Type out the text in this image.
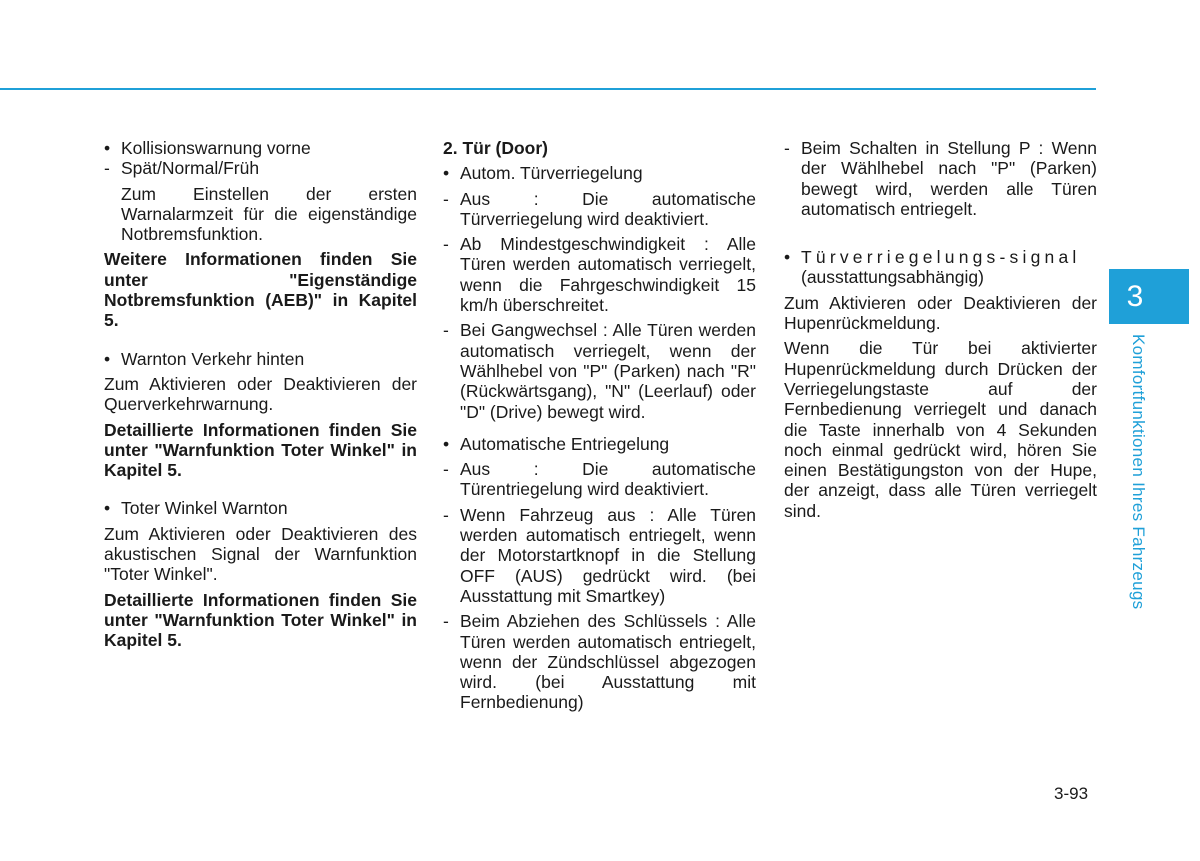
• Kollisionswarnung vorne
- Spät/Normal/Früh
Zum Einstellen der ersten Warnalarmzeit für die eigenständige Notbremsfunktion.
Weitere Informationen finden Sie unter "Eigenständige Notbremsfunktion (AEB)" in Kapitel 5.
• Warnton Verkehr hinten
Zum Aktivieren oder Deaktivieren der Querverkehrwarnung.
Detaillierte Informationen finden Sie unter "Warnfunktion Toter Winkel" in Kapitel 5.
• Toter Winkel Warnton
Zum Aktivieren oder Deaktivieren des akustischen Signal der Warnfunktion "Toter Winkel".
Detaillierte Informationen finden Sie unter "Warnfunktion Toter Winkel" in Kapitel 5.
2. Tür (Door)
• Autom. Türverriegelung
- Aus : Die automatische Türverriegelung wird deaktiviert.
- Ab Mindestgeschwindigkeit : Alle Türen werden automatisch verriegelt, wenn die Fahrgeschwindigkeit 15 km/h überschreitet.
- Bei Gangwechsel : Alle Türen werden automatisch verriegelt, wenn der Wählhebel von "P" (Parken) nach "R" (Rückwärtsgang), "N" (Leerlauf) oder "D" (Drive) bewegt wird.
• Automatische Entriegelung
- Aus : Die automatische Türentriegelung wird deaktiviert.
- Wenn Fahrzeug aus : Alle Türen werden automatisch entriegelt, wenn der Motorstartknopf in die Stellung OFF (AUS) gedrückt wird. (bei Ausstattung mit Smartkey)
- Beim Abziehen des Schlüssels : Alle Türen werden automatisch entriegelt, wenn der Zündschlüssel abgezogen wird. (bei Ausstattung mit Fernbedienung)
- Beim Schalten in Stellung P : Wenn der Wählhebel nach "P" (Parken) bewegt wird, werden alle Türen automatisch entriegelt.
• Türverriegelungs-signal
(ausstattungsabhängig)
Zum Aktivieren oder Deaktivieren der Hupenrückmeldung.
Wenn die Tür bei aktivierter Hupenrückmeldung durch Drücken der Verriegelungstaste auf der Fernbedienung verriegelt und danach die Taste innerhalb von 4 Sekunden noch einmal gedrückt wird, hören Sie einen Bestätigungston von der Hupe, der anzeigt, dass alle Türen verriegelt sind.
3
Komfortfunktionen Ihres Fahrzeugs
3-93
